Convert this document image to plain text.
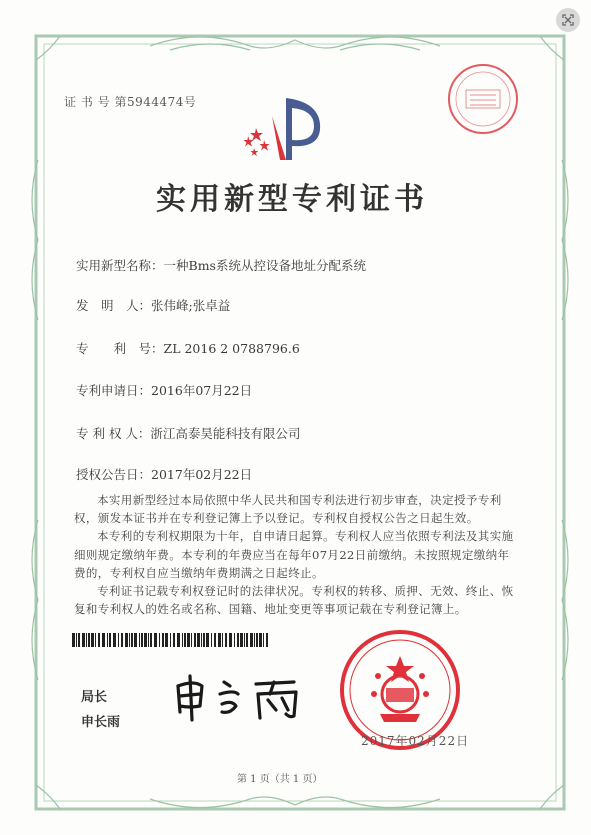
证 书 号 第5944474号
实用新型专利证书
实用新型名称：一种Bms系统从控设备地址分配系统
发　明　人：张伟峰;张卓益
专　　利　号：ZL 2016 2 0788796.6
专利申请日：2016年07月22日
专 利 权 人：浙江高泰昊能科技有限公司
授权公告日：2017年02月22日

本实用新型经过本局依照中华人民共和国专利法进行初步审查，决定授予专利权，颁发本证书并在专利登记簿上予以登记。专利权自授权公告之日起生效。

本专利的专利权期限为十年，自申请日起算。专利权人应当依照专利法及其实施细则规定缴纳年费。本专利的年费应当在每年07月22日前缴纳。未按照规定缴纳年费的，专利权自应当缴纳年费期满之日起终止。

专利证书记载专利权登记时的法律状况。专利权的转移、质押、无效、终止、恢复和专利权人的姓名或名称、国籍、地址变更等事项记载在专利登记簿上。

局长
申长雨
2017年02月22日
第 1 页（共 1 页）
